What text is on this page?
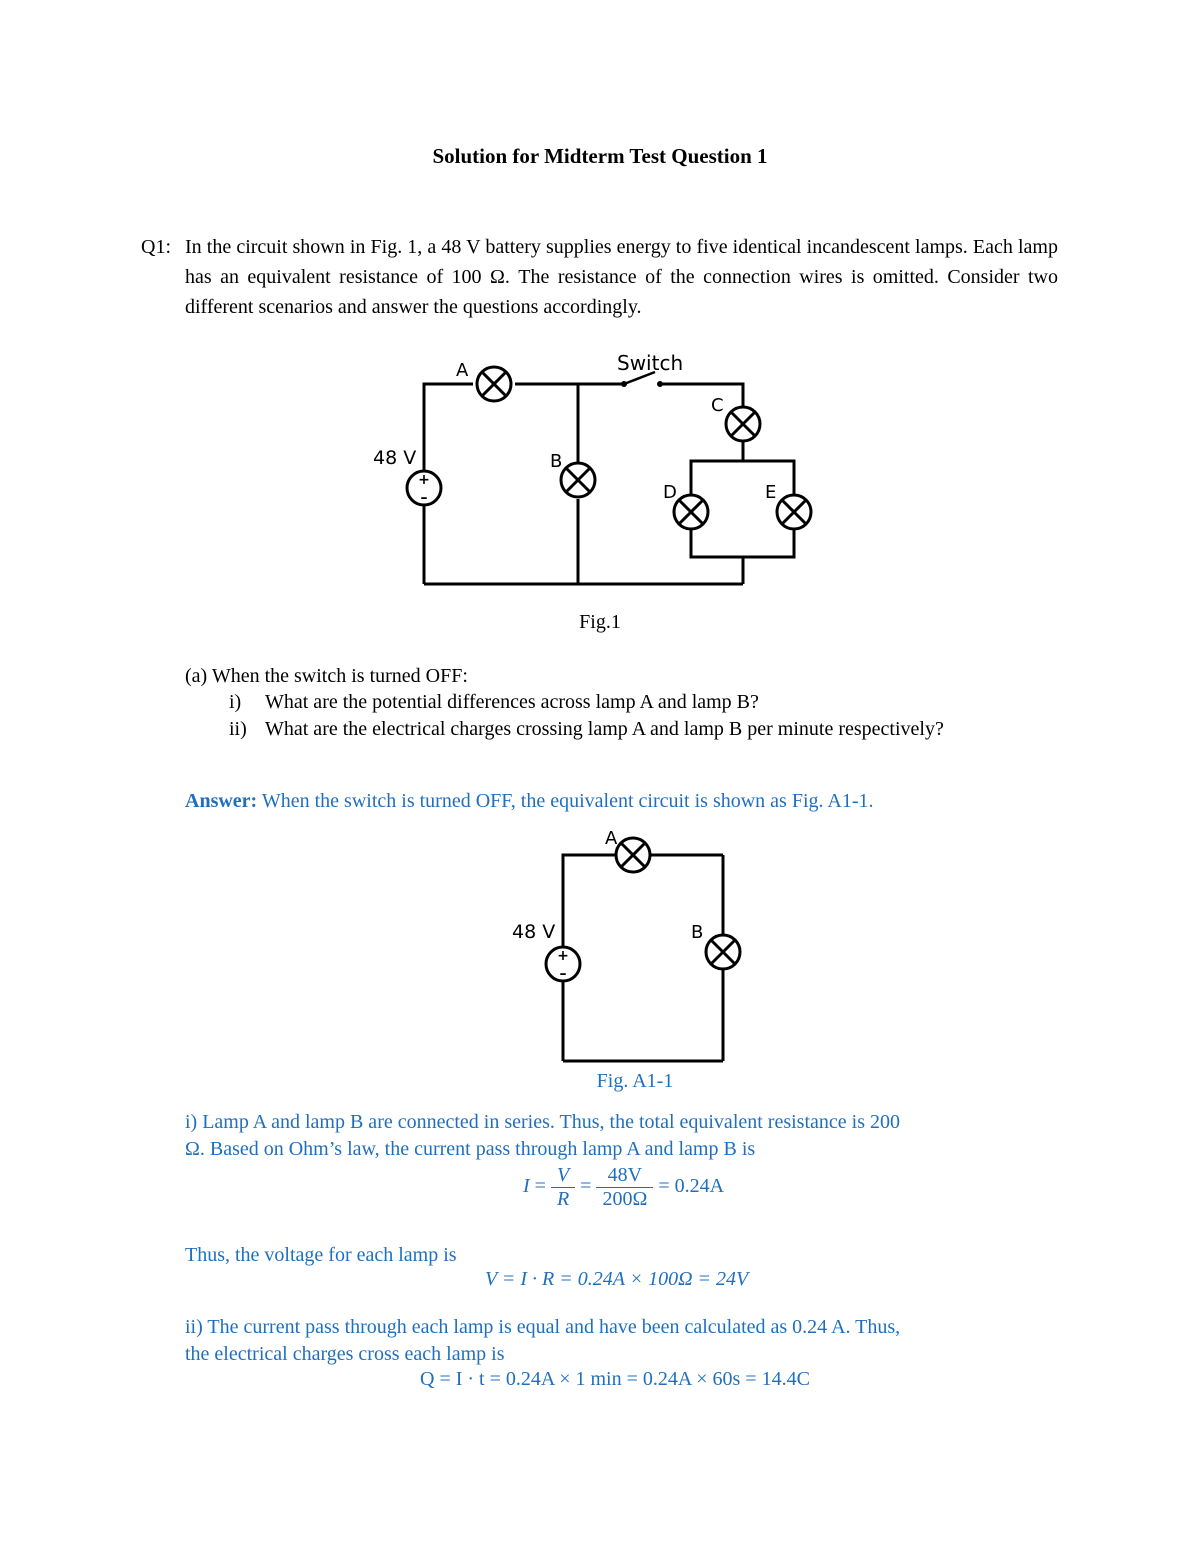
Solution for Midterm Test Question 1
Q1: In the circuit shown in Fig. 1, a 48 V battery supplies energy to five identical incandescent lamps. Each lamp has an equivalent resistance of 100 Ω. The resistance of the connection wires is omitted. Consider two different scenarios and answer the questions accordingly.
+
–
48 V
Switch
A
B
C
D	E
+
–
48 V
A
B
Fig.1
(a) When the switch is turned OFF:
i) What are the potential differences across lamp A and lamp B?
ii) What are the electrical charges crossing lamp A and lamp B per minute respectively?
Answer: When the switch is turned OFF, the equivalent circuit is shown as Fig. A1-1.
Fig. A1-1
i) Lamp A and lamp B are connected in series. Thus, the total equivalent resistance is 200
Ω. Based on Ohm’s law, the current pass through lamp A and lamp B is
$I = \frac{V}{R} = \frac{48V}{200\Omega} = 0.24A$
Thus, the voltage for each lamp is
V = I · R = 0.24A × 100Ω = 24V
ii) The current pass through each lamp is equal and have been calculated as 0.24 A. Thus,
the electrical charges cross each lamp is
Q = I · t = 0.24A × 1 min = 0.24A × 60s = 14.4C
